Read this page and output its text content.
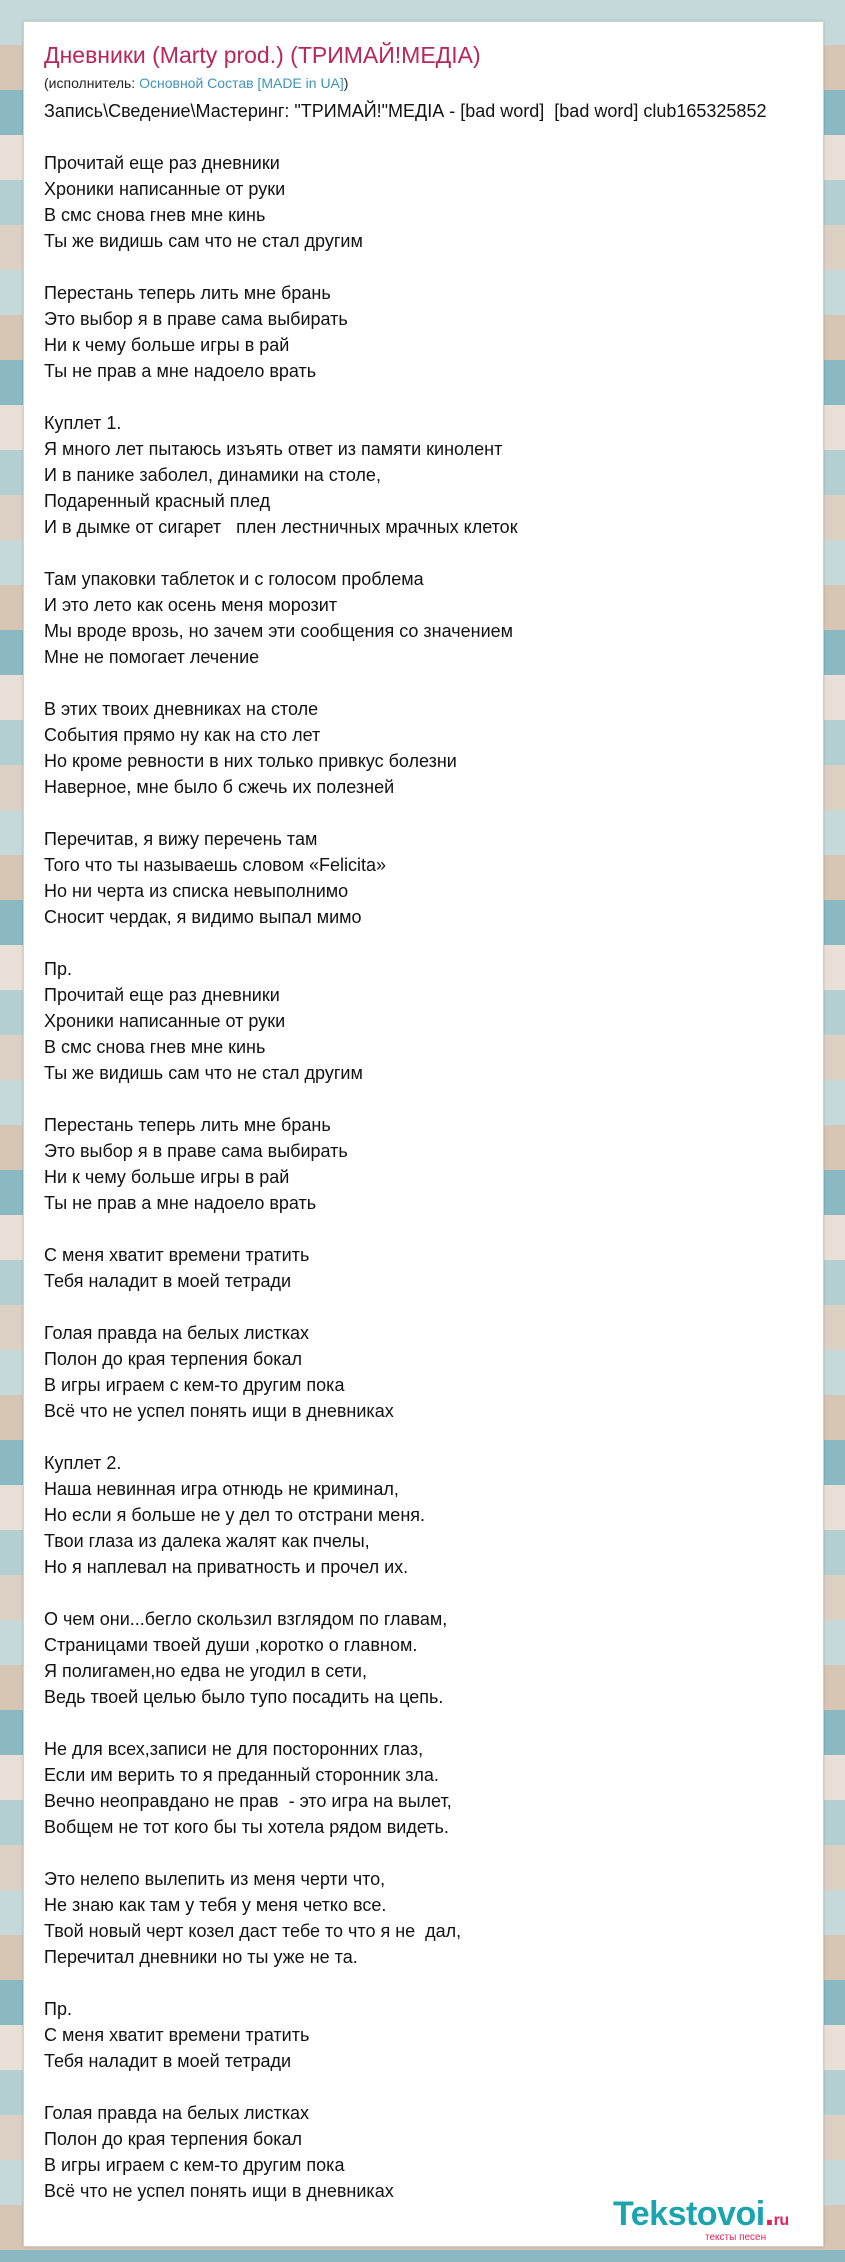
Дневники (Marty prod.) (ТРИМАЙ!МЕДІА)
(исполнитель: Основной Состав [MADE in UA])
Запись\Сведение\Мастеринг: "ТРИМАЙ!"МЕДІА - [bad word]  [bad word] club165325852
Прочитай еще раз дневники
Хроники написанные от руки
В смс снова гнев мне кинь
Ты же видишь сам что не стал другим
Перестань теперь лить мне брань
Это выбор я в праве сама выбирать
Ни к чему больше игры в рай
Ты не прав а мне надоело врать
Куплет 1.
Я много лет пытаюсь изъять ответ из памяти кинолент
И в панике заболел, динамики на столе,
Подаренный красный плед
И в дымке от сигарет   плен лестничных мрачных клеток
Там упаковки таблеток и с голосом проблема
И это лето как осень меня морозит
Мы вроде врозь, но зачем эти сообщения со значением
Мне не помогает лечение
В этих твоих дневниках на столе
События прямо ну как на сто лет
Но кроме ревности в них только привкус болезни
Наверное, мне было б сжечь их полезней
Перечитав, я вижу перечень там
Того что ты называешь словом «Felicita»
Но ни черта из списка невыполнимо
Сносит чердак, я видимо выпал мимо
Пр.
Прочитай еще раз дневники
Хроники написанные от руки
В смс снова гнев мне кинь
Ты же видишь сам что не стал другим
Перестань теперь лить мне брань
Это выбор я в праве сама выбирать
Ни к чему больше игры в рай
Ты не прав а мне надоело врать
С меня хватит времени тратить
Тебя наладит в моей тетради
Голая правда на белых листках
Полон до края терпения бокал
В игры играем с кем-то другим пока
Всё что не успел понять ищи в дневниках
Куплет 2.
Наша невинная игра отнюдь не криминал,
Но если я больше не у дел то отстрани меня.
Твои глаза из далека жалят как пчелы,
Но я наплевал на приватность и прочел их.
О чем они...бегло скользил взглядом по главам,
Страницами твоей души ,коротко о главном.
Я полигамен,но едва не угодил в сети,
Ведь твоей целью было тупо посадить на цепь.
Не для всех,записи не для посторонних глаз,
Если им верить то я преданный сторонник зла.
Вечно неоправдано не прав  - это игра на вылет,
Вобщем не тот кого бы ты хотела рядом видеть.
Это нелепо вылепить из меня черти что,
Не знаю как там у тебя у меня четко все.
Твой новый черт козел даст тебе то что я не  дал,
Перечитал дневники но ты уже не та.
Пр.
С меня хватит времени тратить
Тебя наладит в моей тетради
Голая правда на белых листках
Полон до края терпения бокал
В игры играем с кем-то другим пока
Всё что не успел понять ищи в дневниках
Tekstovoi.ru
тексты песен
